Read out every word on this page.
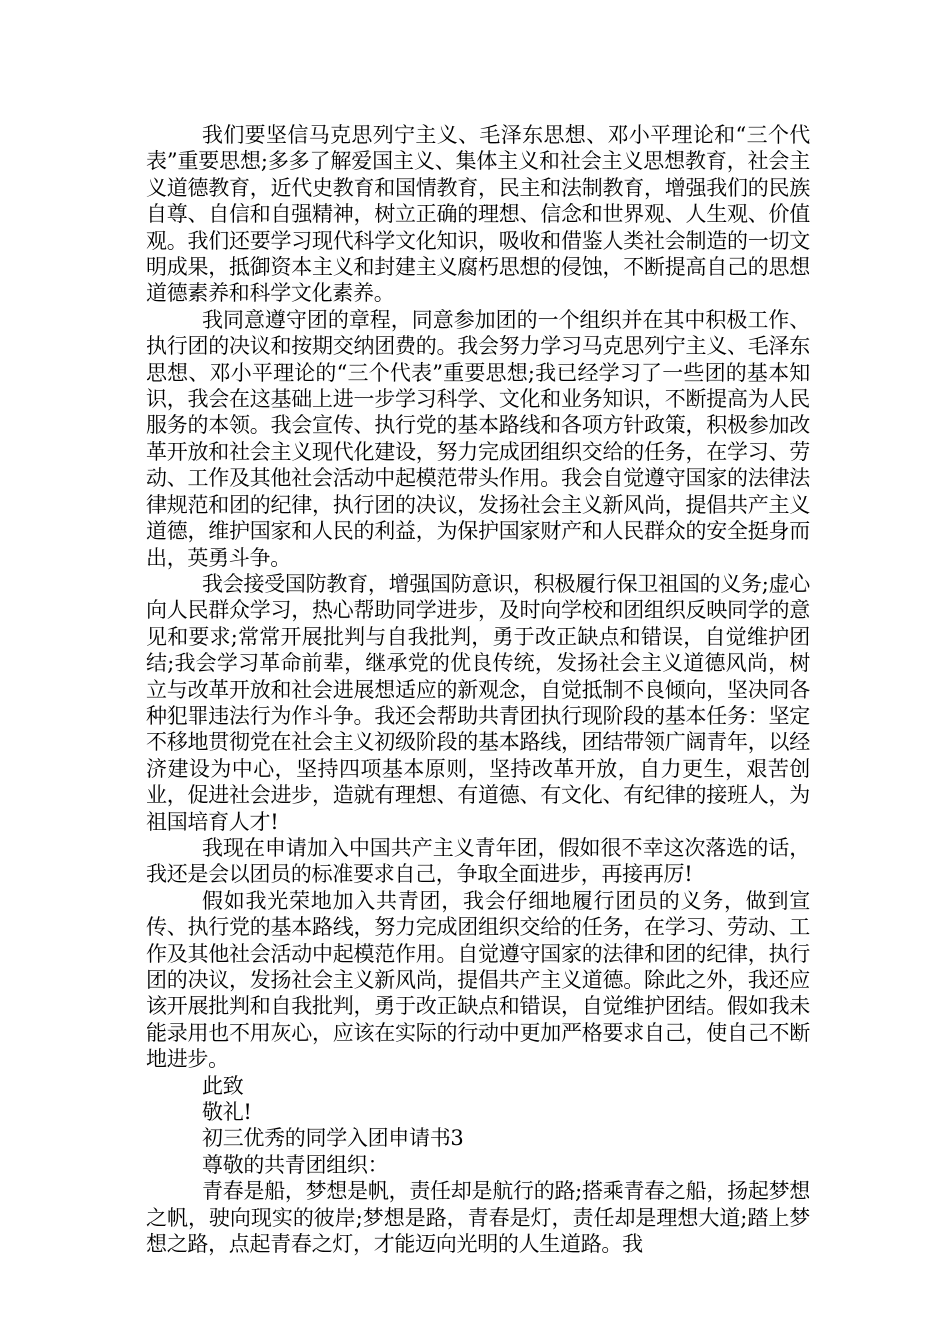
我们要坚信马克思列宁主义、毛泽东思想、邓小平理论和“三个代表”重要思想;多多了解爱国主义、集体主义和社会主义思想教育，社会主义道德教育，近代史教育和国情教育，民主和法制教育，增强我们的民族自尊、自信和自强精神，树立正确的理想、信念和世界观、人生观、价值观。我们还要学习现代科学文化知识，吸收和借鉴人类社会制造的一切文明成果，抵御资本主义和封建主义腐朽思想的侵蚀，不断提高自己的思想道德素养和科学文化素养。

我同意遵守团的章程，同意参加团的一个组织并在其中积极工作、执行团的决议和按期交纳团费的。我会努力学习马克思列宁主义、毛泽东思想、邓小平理论的“三个代表”重要思想;我已经学习了一些团的基本知识，我会在这基础上进一步学习科学、文化和业务知识，不断提高为人民服务的本领。我会宣传、执行党的基本路线和各项方针政策，积极参加改革开放和社会主义现代化建设，努力完成团组织交给的任务，在学习、劳动、工作及其他社会活动中起模范带头作用。我会自觉遵守国家的法律法律规范和团的纪律，执行团的决议，发扬社会主义新风尚，提倡共产主义道德，维护国家和人民的利益，为保护国家财产和人民群众的安全挺身而出，英勇斗争。

我会接受国防教育，增强国防意识，积极履行保卫祖国的义务;虚心向人民群众学习，热心帮助同学进步，及时向学校和团组织反映同学的意见和要求;常常开展批判与自我批判，勇于改正缺点和错误，自觉维护团结;我会学习革命前辈，继承党的优良传统，发扬社会主义道德风尚，树立与改革开放和社会进展想适应的新观念，自觉抵制不良倾向，坚决同各种犯罪违法行为作斗争。我还会帮助共青团执行现阶段的基本任务：坚定不移地贯彻党在社会主义初级阶段的基本路线，团结带领广阔青年，以经济建设为中心，坚持四项基本原则，坚持改革开放，自力更生，艰苦创业，促进社会进步，造就有理想、有道德、有文化、有纪律的接班人，为祖国培育人才!

我现在申请加入中国共产主义青年团，假如很不幸这次落选的话，我还是会以团员的标准要求自己，争取全面进步，再接再厉!

假如我光荣地加入共青团，我会仔细地履行团员的义务，做到宣传、执行党的基本路线，努力完成团组织交给的任务，在学习、劳动、工作及其他社会活动中起模范作用。自觉遵守国家的法律和团的纪律，执行团的决议，发扬社会主义新风尚，提倡共产主义道德。除此之外，我还应该开展批判和自我批判，勇于改正缺点和错误，自觉维护团结。假如我未能录用也不用灰心，应该在实际的行动中更加严格要求自己，使自己不断地进步。

此致

敬礼!

初三优秀的同学入团申请书3

尊敬的共青团组织：

青春是船，梦想是帆，责任却是航行的路;搭乘青春之船，扬起梦想之帆，驶向现实的彼岸;梦想是路，青春是灯，责任却是理想大道;踏上梦想之路，点起青春之灯，才能迈向光明的人生道路。我
